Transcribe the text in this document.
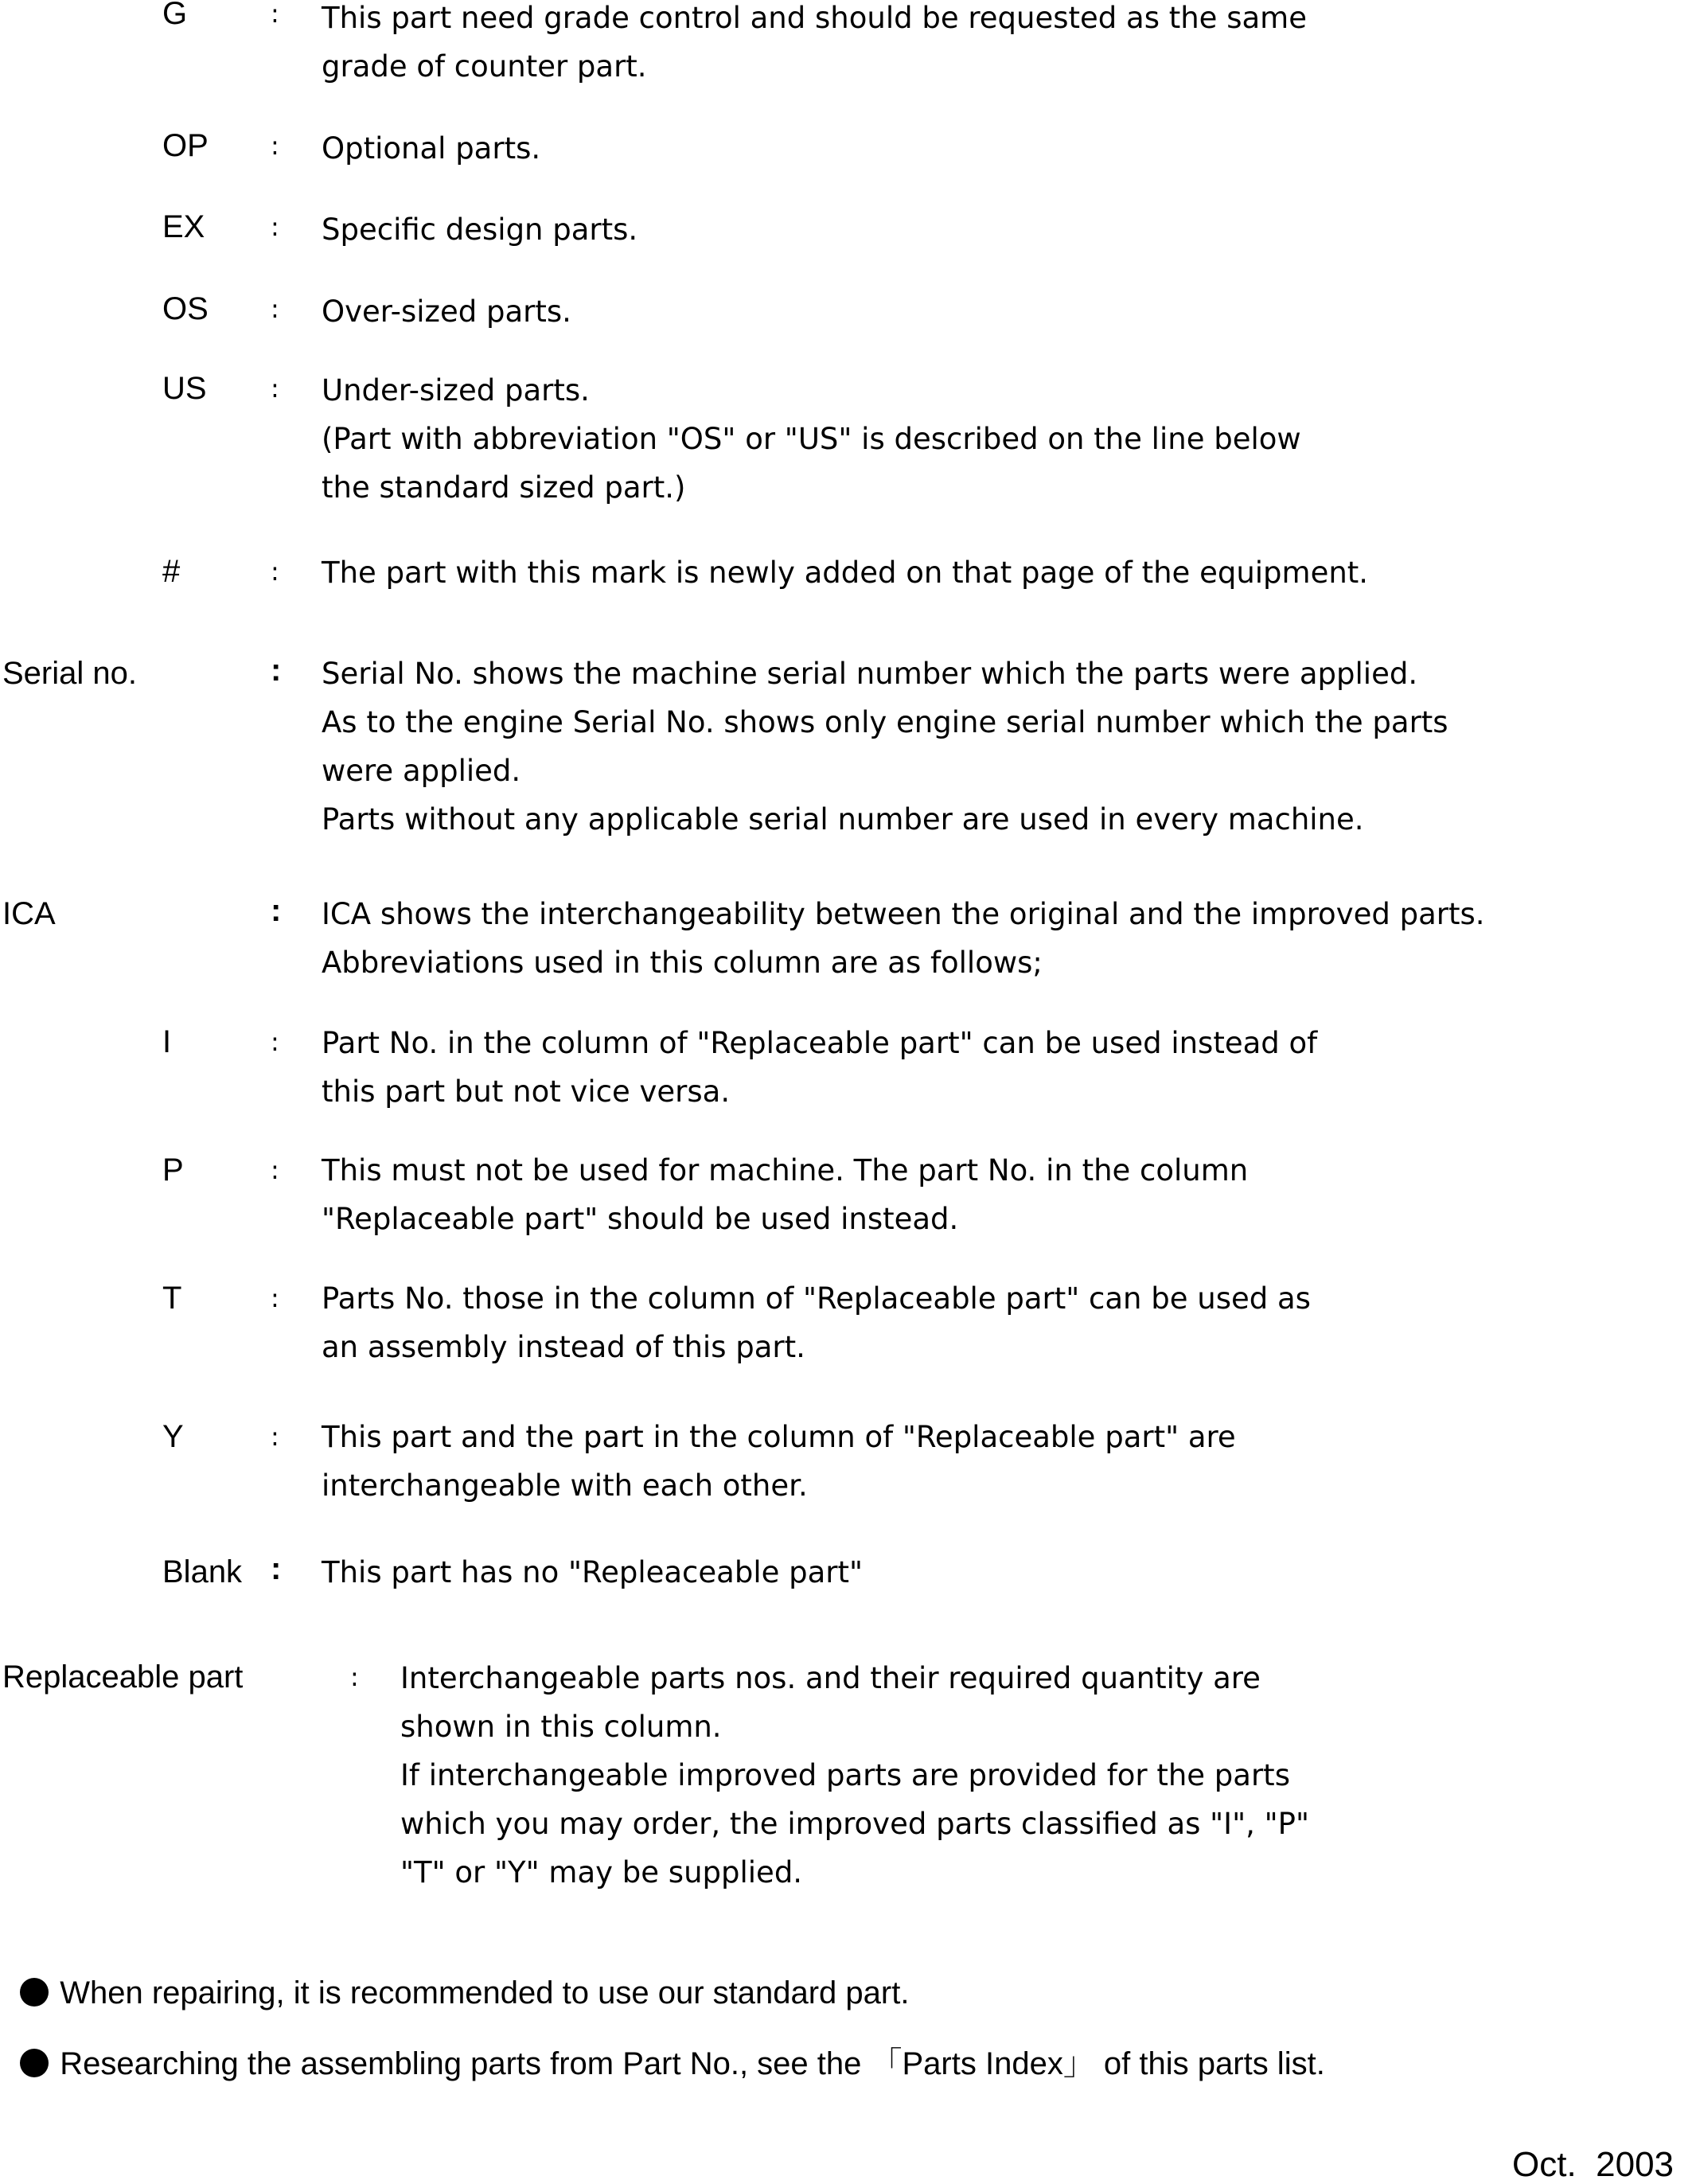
G	: This part need grade control and should be requested as the same
grade of counter part.
OP : Optional parts.
EX	: Specific design parts.
OS : Over-sized parts.
US	: Under-sized parts.
(Part with abbreviation "OS" or "US" is described on the line below
the standard sized part.)
#	: The part with this mark is newly added on that page of the equipment.
Serial no.	: Serial No. shows the machine serial number which the parts were applied.
As to the engine Serial No. shows only engine serial number which the parts
were applied.
Parts without any applicable serial number are used in every machine.
ICA	: ICA shows the interchangeability between the original and the improved parts.
Abbreviations used in this column are as follows;
I	: Part No. in the column of "Replaceable part" can be used instead of
this part but not vice versa.
P	: This must not be used for machine. The part No. in the column
"Replaceable part" should be used instead.
T	: Parts No. those in the column of "Replaceable part" can be used as
an assembly instead of this part.
Y	: This part and the part in the column of "Replaceable part" are
interchangeable with each other.
Blank : This part has no "Repleaceable part"
Replaceable part	: Interchangeable parts nos. and their required quantity are
shown in this column.
If interchangeable improved parts are provided for the parts
which you may order, the improved parts classified as "I", "P"
"T" or "Y" may be supplied.

When repairing, it is recommended to use our standard part.

Researching the assembling parts from Part No., see the 「Parts Index」 of this parts list.

Oct.  2003
